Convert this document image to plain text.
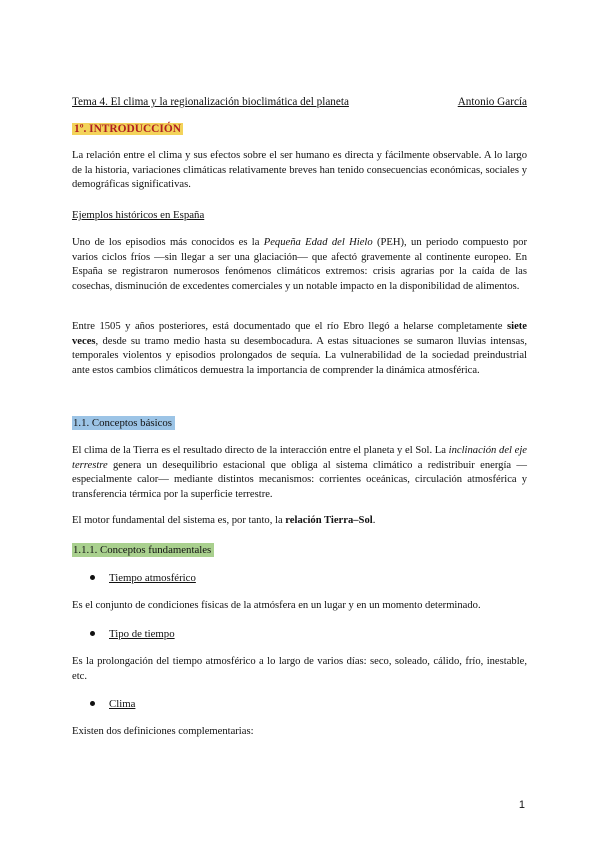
Tema 4. El clima y la regionalización bioclimática del planeta	Antonio García
1º. INTRODUCCIÓN
La relación entre el clima y sus efectos sobre el ser humano es directa y fácilmente observable. A lo largo de la historia, variaciones climáticas relativamente breves han tenido consecuencias económicas, sociales y demográficas significativas.
Ejemplos históricos en España
Uno de los episodios más conocidos es la Pequeña Edad del Hielo (PEH), un periodo compuesto por varios ciclos fríos —sin llegar a ser una glaciación— que afectó gravemente al continente europeo. En España se registraron numerosos fenómenos climáticos extremos: crisis agrarias por la caída de las cosechas, disminución de excedentes comerciales y un notable impacto en la disponibilidad de alimentos.
Entre 1505 y años posteriores, está documentado que el río Ebro llegó a helarse completamente siete veces, desde su tramo medio hasta su desembocadura. A estas situaciones se sumaron lluvias intensas, temporales violentos y episodios prolongados de sequía. La vulnerabilidad de la sociedad preindustrial ante estos cambios climáticos demuestra la importancia de comprender la dinámica atmosférica.
1.1. Conceptos básicos
El clima de la Tierra es el resultado directo de la interacción entre el planeta y el Sol. La inclinación del eje terrestre genera un desequilibrio estacional que obliga al sistema climático a redistribuir energía —especialmente calor— mediante distintos mecanismos: corrientes oceánicas, circulación atmosférica y transferencia térmica por la superficie terrestre.
El motor fundamental del sistema es, por tanto, la relación Tierra–Sol.
1.1.1. Conceptos fundamentales
Tiempo atmosférico
Es el conjunto de condiciones físicas de la atmósfera en un lugar y en un momento determinado.
Tipo de tiempo
Es la prolongación del tiempo atmosférico a lo largo de varios días: seco, soleado, cálido, frío, inestable, etc.
Clima
Existen dos definiciones complementarias:
1
